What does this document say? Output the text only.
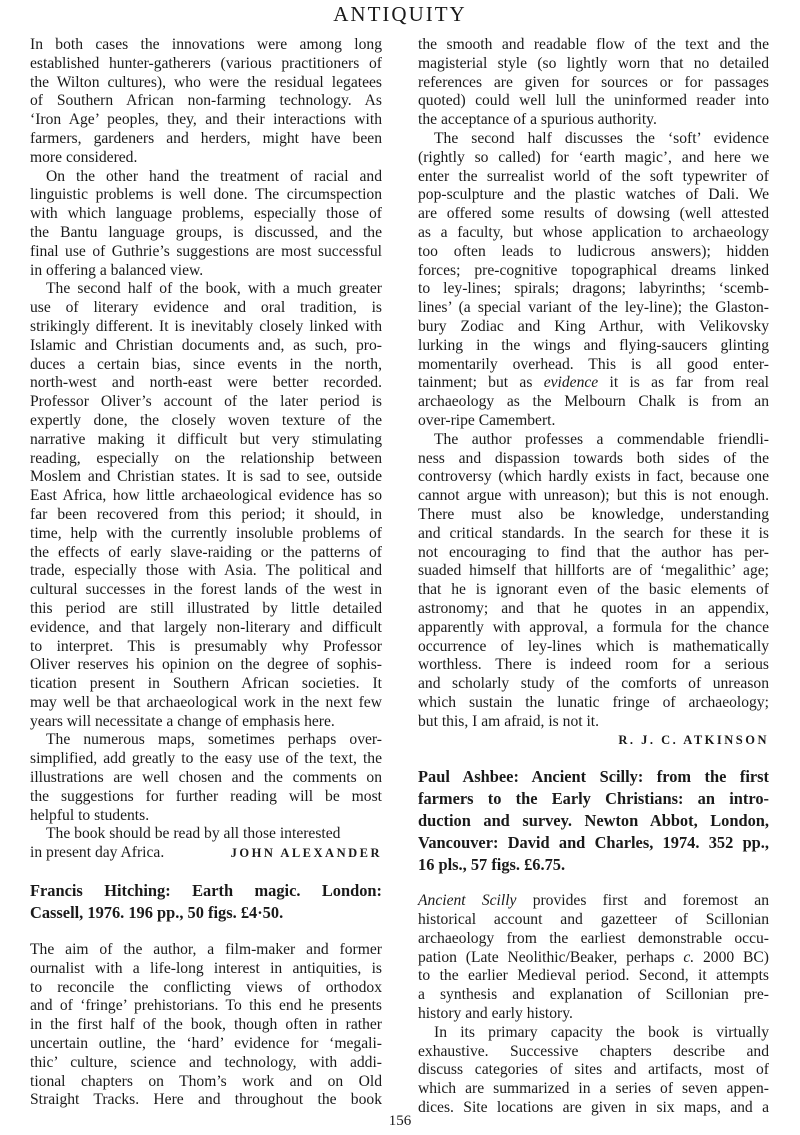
ANTIQUITY
In both cases the innovations were among long
established hunter-gatherers (various practitioners of
the Wilton cultures), who were the residual legatees
of Southern African non-farming technology. As
‘Iron Age’ peoples, they, and their interactions with
farmers, gardeners and herders, might have been
more considered.
On the other hand the treatment of racial and
linguistic problems is well done. The circumspection
with which language problems, especially those of
the Bantu language groups, is discussed, and the
final use of Guthrie’s suggestions are most successful
in offering a balanced view.
The second half of the book, with a much greater
use of literary evidence and oral tradition, is
strikingly different. It is inevitably closely linked with
Islamic and Christian documents and, as such, pro-
duces a certain bias, since events in the north,
north-west and north-east were better recorded.
Professor Oliver’s account of the later period is
expertly done, the closely woven texture of the
narrative making it difficult but very stimulating
reading, especially on the relationship between
Moslem and Christian states. It is sad to see, outside
East Africa, how little archaeological evidence has so
far been recovered from this period; it should, in
time, help with the currently insoluble problems of
the effects of early slave-raiding or the patterns of
trade, especially those with Asia. The political and
cultural successes in the forest lands of the west in
this period are still illustrated by little detailed
evidence, and that largely non-literary and difficult
to interpret. This is presumably why Professor
Oliver reserves his opinion on the degree of sophis-
tication present in Southern African societies. It
may well be that archaeological work in the next few
years will necessitate a change of emphasis here.
The numerous maps, sometimes perhaps over-
simplified, add greatly to the easy use of the text, the
illustrations are well chosen and the comments on
the suggestions for further reading will be most
helpful to students.
The book should be read by all those interested
in present day Africa.	JOHN ALEXANDER
Francis Hitching: Earth magic. London:
Cassell, 1976. 196 pp., 50 figs. £4·50.
The aim of the author, a film-maker and former
ournalist with a life-long interest in antiquities, is
to reconcile the conflicting views of orthodox
and of ‘fringe’ prehistorians. To this end he presents
in the first half of the book, though often in rather
uncertain outline, the ‘hard’ evidence for ‘megali-
thic’ culture, science and technology, with addi-
tional chapters on Thom’s work and on Old
Straight Tracks. Here and throughout the book
the smooth and readable flow of the text and the
magisterial style (so lightly worn that no detailed
references are given for sources or for passages
quoted) could well lull the uninformed reader into
the acceptance of a spurious authority.
The second half discusses the ‘soft’ evidence
(rightly so called) for ‘earth magic’, and here we
enter the surrealist world of the soft typewriter of
pop-sculpture and the plastic watches of Dali. We
are offered some results of dowsing (well attested
as a faculty, but whose application to archaeology
too often leads to ludicrous answers); hidden
forces; pre-cognitive topographical dreams linked
to ley-lines; spirals; dragons; labyrinths; ‘scemb-
lines’ (a special variant of the ley-line); the Glaston-
bury Zodiac and King Arthur, with Velikovsky
lurking in the wings and flying-saucers glinting
momentarily overhead. This is all good enter-
tainment; but as evidence it is as far from real
archaeology as the Melbourn Chalk is from an
over-ripe Camembert.
The author professes a commendable friendli-
ness and dispassion towards both sides of the
controversy (which hardly exists in fact, because one
cannot argue with unreason); but this is not enough.
There must also be knowledge, understanding
and critical standards. In the search for these it is
not encouraging to find that the author has per-
suaded himself that hillforts are of ‘megalithic’ age;
that he is ignorant even of the basic elements of
astronomy; and that he quotes in an appendix,
apparently with approval, a formula for the chance
occurrence of ley-lines which is mathematically
worthless. There is indeed room for a serious
and scholarly study of the comforts of unreason
which sustain the lunatic fringe of archaeology;
but this, I am afraid, is not it.
R. J. C. ATKINSON
Paul Ashbee: Ancient Scilly: from the first
farmers to the Early Christians: an intro-
duction and survey. Newton Abbot, London,
Vancouver: David and Charles, 1974. 352 pp.,
16 pls., 57 figs. £6.75.
Ancient Scilly provides first and foremost an
historical account and gazetteer of Scillonian
archaeology from the earliest demonstrable occu-
pation (Late Neolithic/Beaker, perhaps c. 2000 BC)
to the earlier Medieval period. Second, it attempts
a synthesis and explanation of Scillonian pre-
history and early history.
In its primary capacity the book is virtually
exhaustive. Successive chapters describe and
discuss categories of sites and artifacts, most of
which are summarized in a series of seven appen-
dices. Site locations are given in six maps, and a
156
